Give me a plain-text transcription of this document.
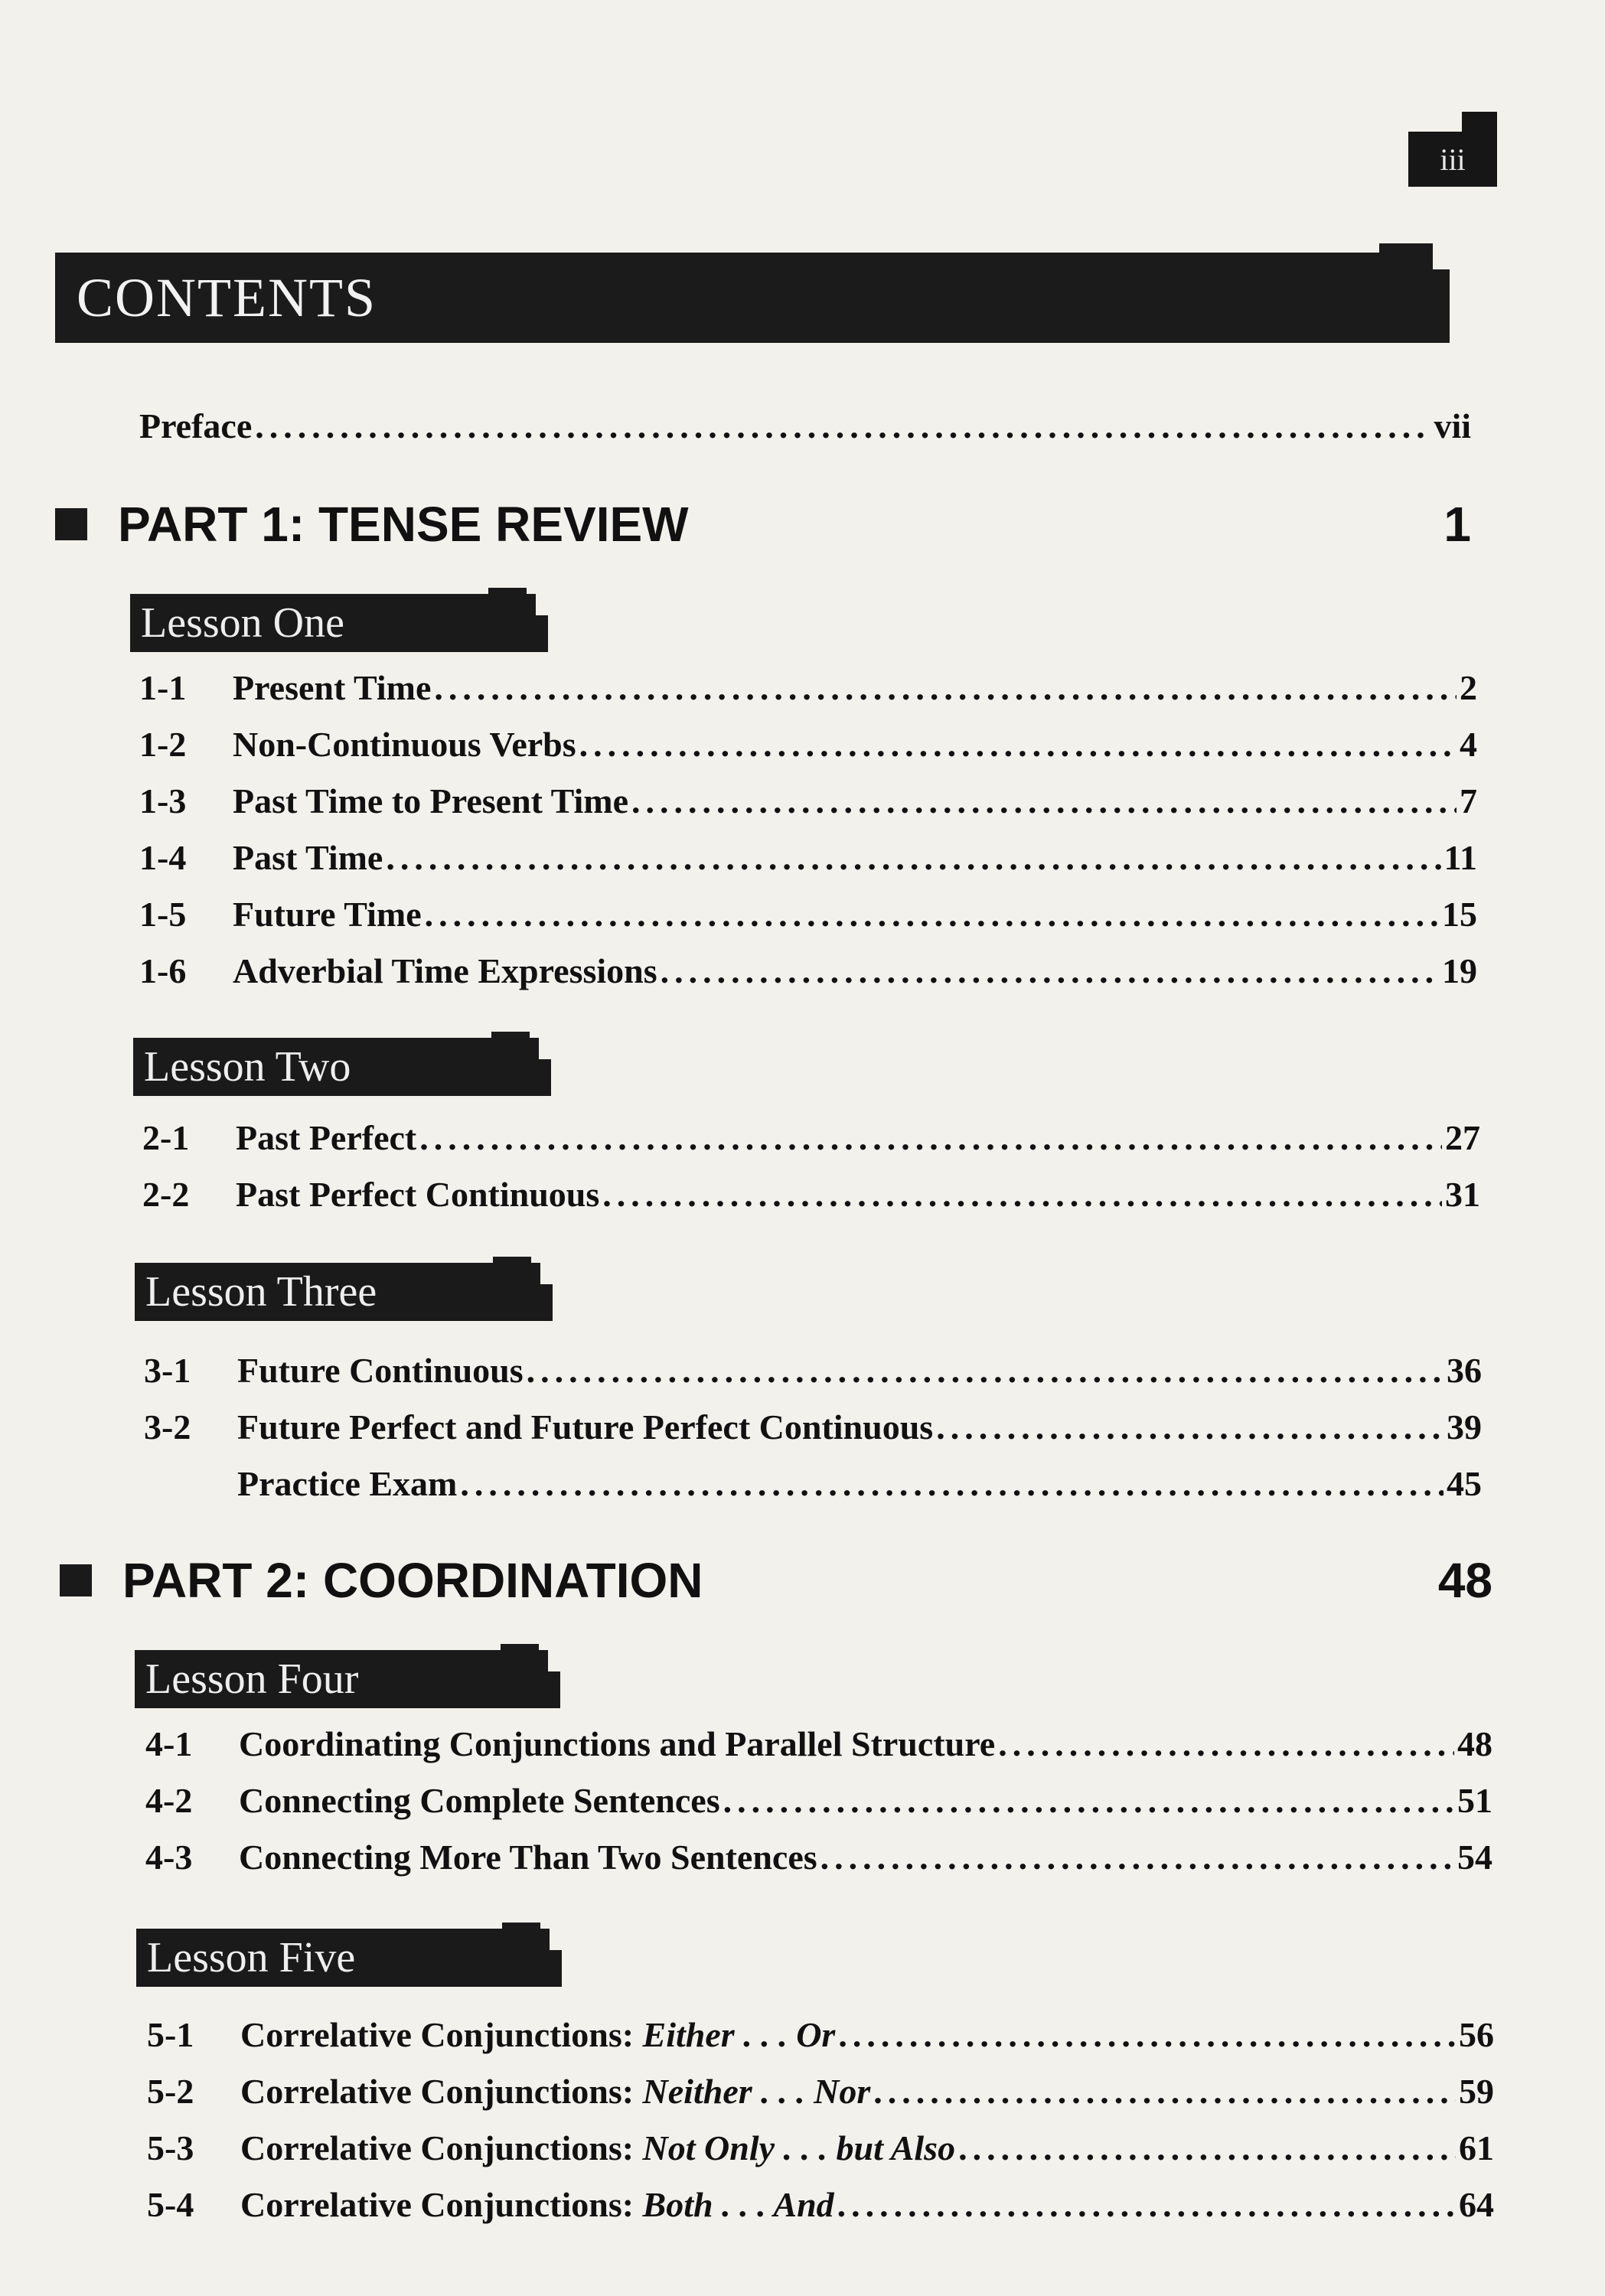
iii
CONTENTS
Preface .....	vii
PART 1: TENSE REVIEW	1
Lesson One
1-1	Present Time .....	2
1-2	Non-Continuous Verbs .....	4
1-3	Past Time to Present Time .....	7
1-4	Past Time .....	11
1-5	Future Time .....	15
1-6	Adverbial Time Expressions .....	19
Lesson Two
2-1	Past Perfect .....	27
2-2	Past Perfect Continuous .....	31
Lesson Three
3-1	Future Continuous .....	36
3-2	Future Perfect and Future Perfect Continuous .....	39
Practice Exam .....	45
PART 2: COORDINATION	48
Lesson Four
4-1	Coordinating Conjunctions and Parallel Structure .....	48
4-2	Connecting Complete Sentences .....	51
4-3	Connecting More Than Two Sentences .....	54
Lesson Five
5-1	Correlative Conjunctions: Either . . . Or .....	56
5-2	Correlative Conjunctions: Neither . . . Nor .....	59
5-3	Correlative Conjunctions: Not Only . . . but Also .....	61
5-4	Correlative Conjunctions: Both . . . And .....	64
